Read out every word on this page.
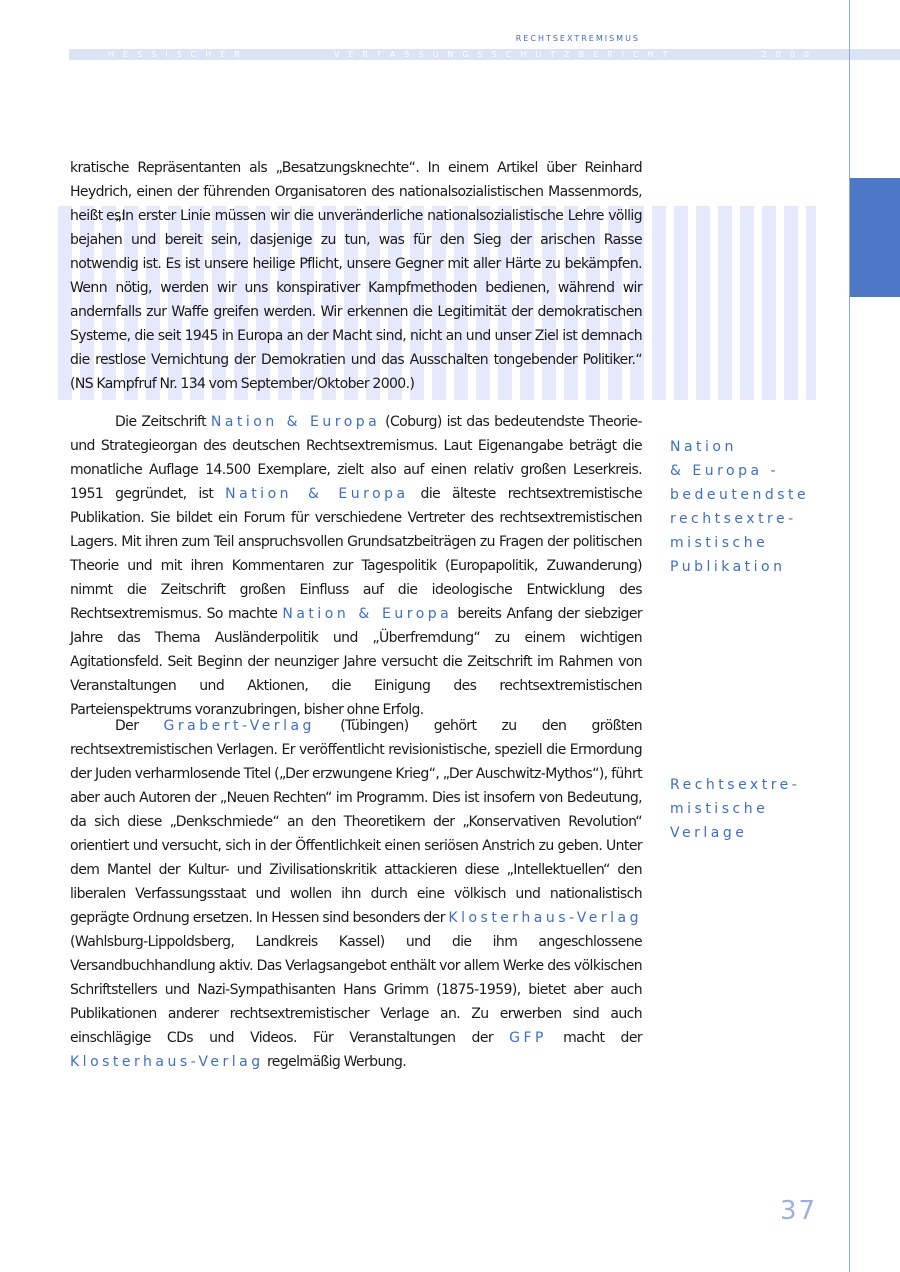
RECHTSEXTREMISMUS
HESSISCHER	VERFASSUNGSSCHUTZBERICHT	2000

kratische Repräsentanten als „Besatzungsknechte“. In einem Artikel über Reinhard Heydrich, einen der führenden Organisatoren des nationalsozialistischen Massenmords, heißt es:

„In erster Linie müssen wir die unveränderliche nationalsozialistische Lehre völlig bejahen und bereit sein, dasjenige zu tun, was für den Sieg der arischen Rasse notwendig ist. Es ist unsere heilige Pflicht, unsere Gegner mit aller Härte zu bekämpfen. Wenn nötig, werden wir uns konspirativer Kampfmethoden bedienen, während wir andernfalls zur Waffe greifen werden. Wir erkennen die Legitimität der demokratischen Systeme, die seit 1945 in Europa an der Macht sind, nicht an und unser Ziel ist demnach die restlose Vernichtung der Demokratien und das Ausschalten tongebender Politiker.“ (NS Kampfruf Nr. 134 vom September/Oktober 2000.)

Die Zeitschrift Nation & Europa (Coburg) ist das bedeutendste Theorie- und Strategieorgan des deutschen Rechtsextremismus. Laut Eigenangabe beträgt die monatliche Auflage 14.500 Exemplare, zielt also auf einen relativ großen Leserkreis. 1951 gegründet, ist Nation & Europa die älteste rechtsextremistische Publikation. Sie bildet ein Forum für verschiedene Vertreter des rechtsextremistischen Lagers. Mit ihren zum Teil anspruchsvollen Grundsatzbeiträgen zu Fragen der politischen Theorie und mit ihren Kommentaren zur Tagespolitik (Europapolitik, Zuwanderung) nimmt die Zeitschrift großen Einfluss auf die ideologische Entwicklung des Rechtsextremismus. So machte Nation & Europa bereits Anfang der siebziger Jahre das Thema Ausländerpolitik und „Überfremdung“ zu einem wichtigen Agitationsfeld. Seit Beginn der neunziger Jahre versucht die Zeitschrift im Rahmen von Veranstaltungen und Aktionen, die Einigung des rechtsextremistischen Parteienspektrums voranzubringen, bisher ohne Erfolg.

Der Grabert-Verlag (Tübingen) gehört zu den größten rechtsextremistischen Verlagen. Er veröffentlicht revisionistische, speziell die Ermordung der Juden verharmlosende Titel („Der erzwungene Krieg“, „Der Auschwitz-Mythos“), führt aber auch Autoren der „Neuen Rechten“ im Programm. Dies ist insofern von Bedeutung, da sich diese „Denkschmiede“ an den Theoretikern der „Konservativen Revolution“ orientiert und versucht, sich in der Öffentlichkeit einen seriösen Anstrich zu geben. Unter dem Mantel der Kultur- und Zivilisationskritik attackieren diese „Intellektuellen“ den liberalen Verfassungsstaat und wollen ihn durch eine völkisch und nationalistisch geprägte Ordnung ersetzen. In Hessen sind besonders der Klosterhaus-Verlag (Wahlsburg-Lippoldsberg, Landkreis Kassel) und die ihm angeschlossene Versandbuchhandlung aktiv. Das Verlagsangebot enthält vor allem Werke des völkischen Schriftstellers und Nazi-Sympathisanten Hans Grimm (1875-1959), bietet aber auch Publikationen anderer rechtsextremistischer Verlage an. Zu erwerben sind auch einschlägige CDs und Videos. Für Veranstaltungen der GFP macht der Klosterhaus-Verlag regelmäßig Werbung.

Nation
& Europa -
bedeutendste
rechtsextre-
mistische
Publikation
Rechtsextre-
mistische
Verlage
37
